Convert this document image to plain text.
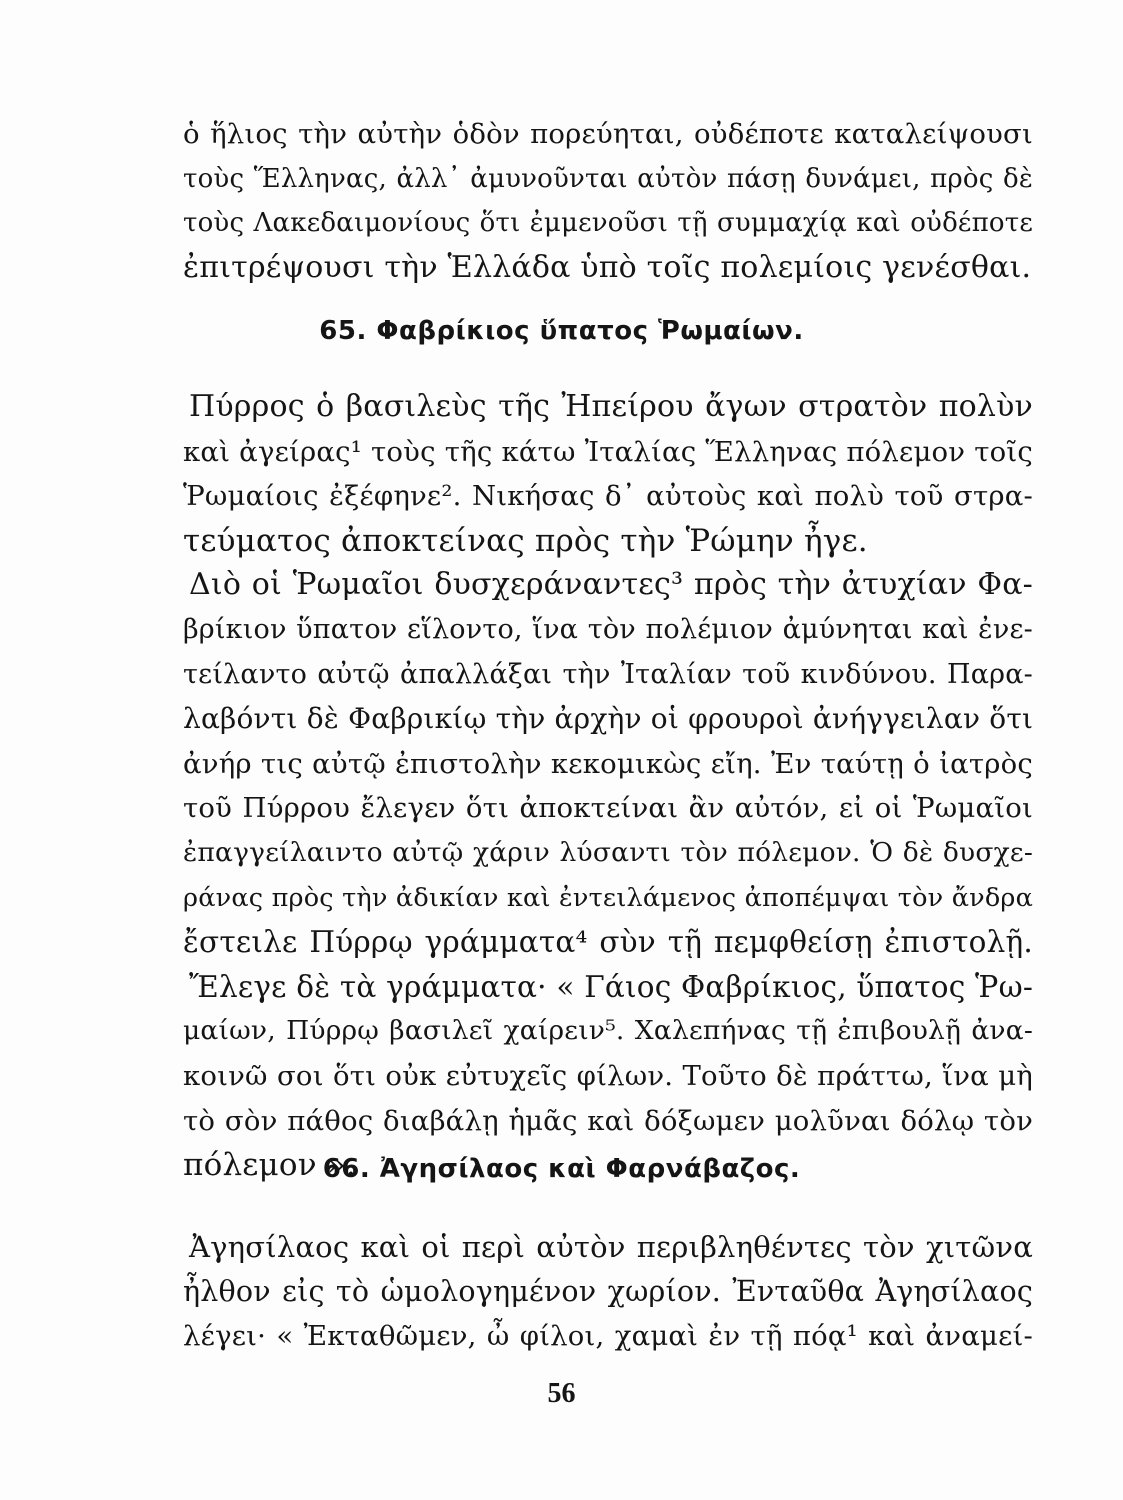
ὁ ἥλιος τὴν αὐτὴν ὁδὸν πορεύηται, οὐδέποτε καταλείψουσι
τοὺς Ἕλληνας, ἀλλ᾽ ἀμυνοῦνται αὐτὸν πάσῃ δυνάμει, πρὸς δὲ
τοὺς Λακεδαιμονίους ὅτι ἐμμενοῦσι τῇ συμμαχίᾳ καὶ οὐδέποτε
ἐπιτρέψουσι τὴν Ἑλλάδα ὑπὸ τοῖς πολεμίοις γενέσθαι.
65. Φαβρίκιος ὕπατος Ῥωμαίων.
Πύρρος ὁ βασιλεὺς τῆς Ἠπείρου ἄγων στρατὸν πολὺν
καὶ ἀγείρας¹ τοὺς τῆς κάτω Ἰταλίας Ἕλληνας πόλεμον τοῖς
Ῥωμαίοις ἐξέφηνε². Νικήσας δ᾽ αὐτοὺς καὶ πολὺ τοῦ στρα-
τεύματος ἀποκτείνας πρὸς τὴν Ῥώμην ἦγε.
Διὸ οἱ Ῥωμαῖοι δυσχεράναντες³ πρὸς τὴν ἀτυχίαν Φα-
βρίκιον ὕπατον εἵλοντο, ἵνα τὸν πολέμιον ἀμύνηται καὶ ἐνε-
τείλαντο αὐτῷ ἀπαλλάξαι τὴν Ἰταλίαν τοῦ κινδύνου. Παρα-
λαβόντι δὲ Φαβρικίῳ τὴν ἀρχὴν οἱ φρουροὶ ἀνήγγειλαν ὅτι
ἀνήρ τις αὐτῷ ἐπιστολὴν κεκομικὼς εἴη. Ἐν ταύτῃ ὁ ἰατρὸς
τοῦ Πύρρου ἔλεγεν ὅτι ἀποκτείναι ἂν αὐτόν, εἰ οἱ Ῥωμαῖοι
ἐπαγγείλαιντο αὐτῷ χάριν λύσαντι τὸν πόλεμον. Ὁ δὲ δυσχε-
ράνας πρὸς τὴν ἀδικίαν καὶ ἐντειλάμενος ἀποπέμψαι τὸν ἄνδρα
ἔστειλε Πύρρῳ γράμματα⁴ σὺν τῇ πεμφθείσῃ ἐπιστολῇ.
Ἔλεγε δὲ τὰ γράμματα· « Γάιος Φαβρίκιος, ὕπατος Ῥω-
μαίων, Πύρρῳ βασιλεῖ χαίρειν⁵. Χαλεπήνας τῇ ἐπιβουλῇ ἀνα-
κοινῶ σοι ὅτι οὐκ εὐτυχεῖς φίλων. Τοῦτο δὲ πράττω, ἵνα μὴ
τὸ σὸν πάθος διαβάλῃ ἡμᾶς καὶ δόξωμεν μολῦναι δόλῳ τὸν
πόλεμον ».
66. Ἀγησίλαος καὶ Φαρνάβαζος.
Ἀγησίλαος καὶ οἱ περὶ αὐτὸν περιβληθέντες τὸν χιτῶνα
ἦλθον εἰς τὸ ὡμολογημένον χωρίον. Ἐνταῦθα Ἀγησίλαος
λέγει· « Ἐκταθῶμεν, ὦ φίλοι, χαμαὶ ἐν τῇ πόᾳ¹ καὶ ἀναμεί-
56
